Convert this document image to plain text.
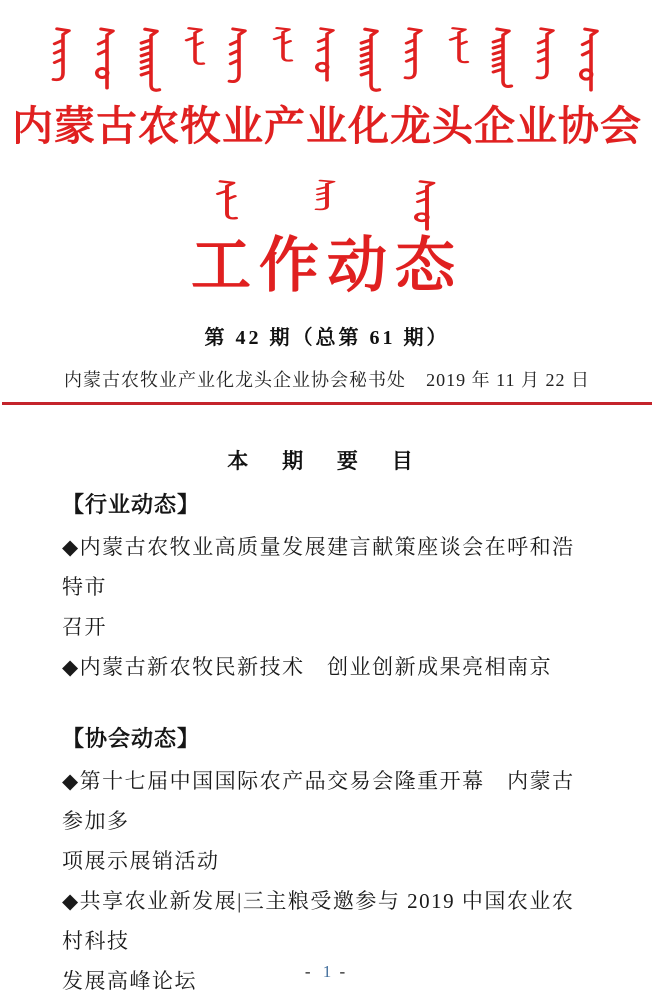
内蒙古农牧业产业化龙头企业协会
工作动态
第 42 期（总第 61 期）
内蒙古农牧业产业化龙头企业协会秘书处 2019 年 11 月 22 日
本 期 要 目
【行业动态】

◆内蒙古农牧业高质量发展建言献策座谈会在呼和浩特市

召开

◆内蒙古新农牧民新技术　创业创新成果亮相南京

【协会动态】

◆第十七届中国国际农产品交易会隆重开幕　内蒙古参加多

项展示展销活动

◆共享农业新发展|三主粮受邀参与 2019 中国农业农村科技

发展高峰论坛	- 1 -
